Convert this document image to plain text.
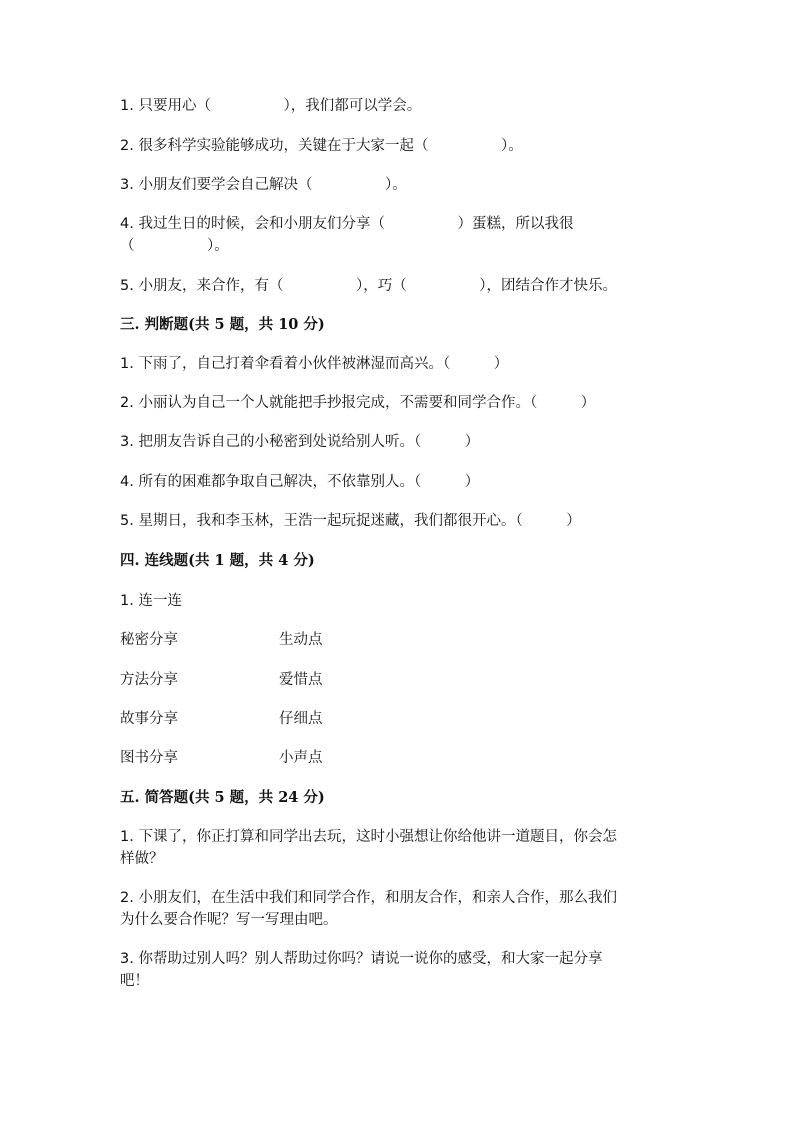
1. 只要用心（　　　　　），我们都可以学会。
2. 很多科学实验能够成功，关键在于大家一起（　　　　　）。
3. 小朋友们要学会自己解决（　　　　　）。
4. 我过生日的时候，会和小朋友们分享（　　　　　）蛋糕，所以我很
（　　　　　）。
5. 小朋友，来合作，有（　　　　　），巧（　　　　　），团结合作才快乐。
三. 判断题(共 5 题，共 10 分)
1. 下雨了，自己打着伞看着小伙伴被淋湿而高兴。（　　　）
2. 小丽认为自己一个人就能把手抄报完成，不需要和同学合作。（　　　）
3. 把朋友告诉自己的小秘密到处说给别人听。（　　　）
4. 所有的困难都争取自己解决，不依靠别人。（　　　）
5. 星期日，我和李玉林，王浩一起玩捉迷藏，我们都很开心。（　　　）
四. 连线题(共 1 题，共 4 分)
1. 连一连
秘密分享	生动点
方法分享	爱惜点
故事分享	仔细点
图书分享	小声点
五. 简答题(共 5 题，共 24 分)
1. 下课了，你正打算和同学出去玩，这时小强想让你给他讲一道题目，你会怎
样做？
2. 小朋友们，在生活中我们和同学合作，和朋友合作，和亲人合作，那么我们
为什么要合作呢？写一写理由吧。
3. 你帮助过别人吗？别人帮助过你吗？请说一说你的感受，和大家一起分享
吧！
